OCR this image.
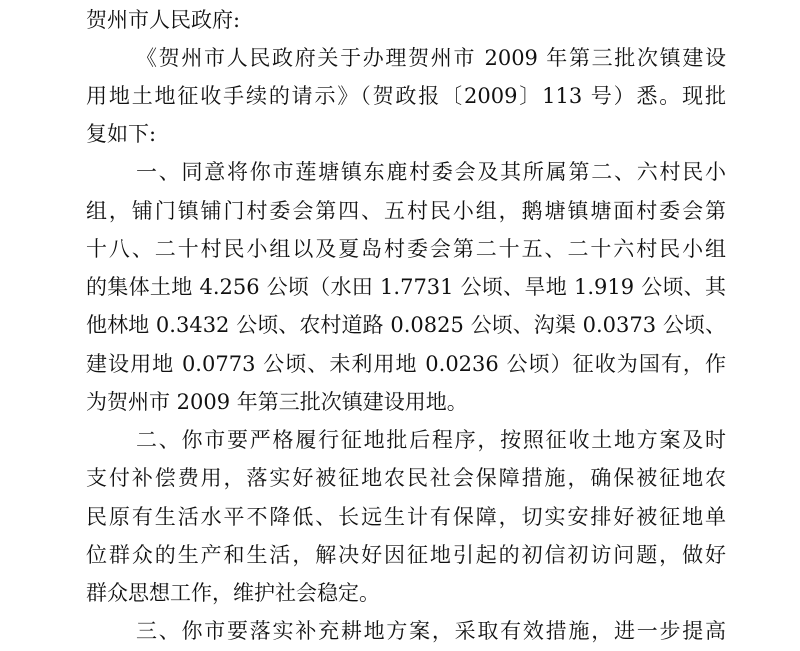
贺州市人民政府:
《贺州市人民政府关于办理贺州市 2009 年第三批次镇建设
用地土地征收手续的请示》（贺政报〔2009〕113 号）悉。现批
复如下:
一、同意将你市莲塘镇东鹿村委会及其所属第二、六村民小
组，铺门镇铺门村委会第四、五村民小组，鹅塘镇塘面村委会第
十八、二十村民小组以及夏岛村委会第二十五、二十六村民小组
的集体土地 4.256 公顷（水田 1.7731 公顷、旱地 1.919 公顷、其
他林地 0.3432 公顷、农村道路 0.0825 公顷、沟渠 0.0373 公顷、
建设用地 0.0773 公顷、未利用地 0.0236 公顷）征收为国有，作
为贺州市 2009 年第三批次镇建设用地。
二、你市要严格履行征地批后程序，按照征收土地方案及时
支付补偿费用，落实好被征地农民社会保障措施，确保被征地农
民原有生活水平不降低、长远生计有保障，切实安排好被征地单
位群众的生产和生活，解决好因征地引起的初信初访问题，做好
群众思想工作，维护社会稳定。
三、你市要落实补充耕地方案，采取有效措施，进一步提高
